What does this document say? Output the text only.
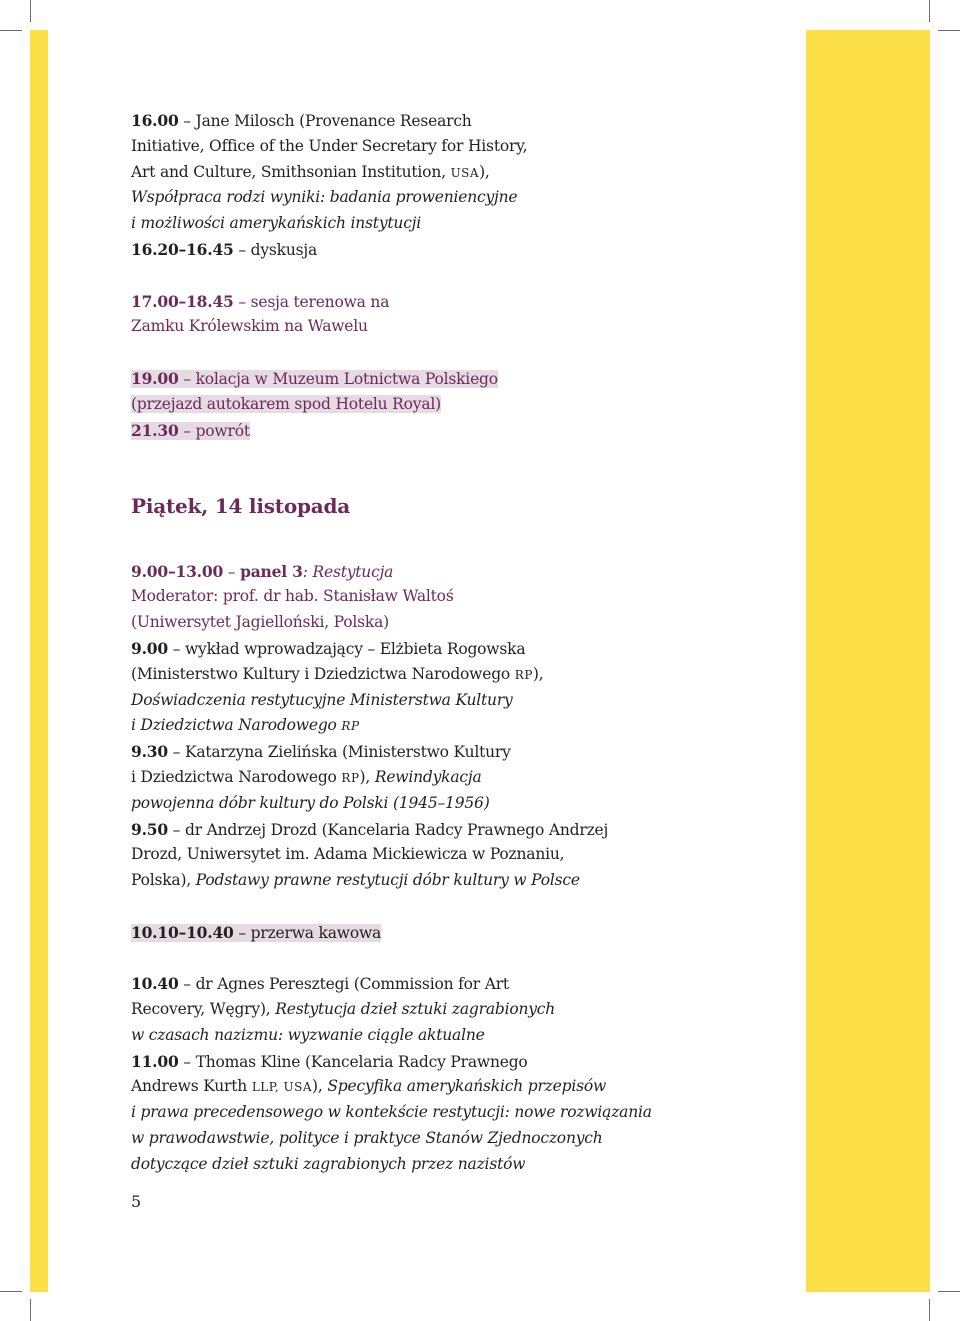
16.00 – Jane Milosch (Provenance Research
Initiative, Office of the Under Secretary for History,
Art and Culture, Smithsonian Institution, USA),
Współpraca rodzi wyniki: badania proweniencyjne
i możliwości amerykańskich instytucji
16.20–16.45 – dyskusja
17.00–18.45 – sesja terenowa na
Zamku Królewskim na Wawelu
19.00 – kolacja w Muzeum Lotnictwa Polskiego
(przejazd autokarem spod Hotelu Royal)
21.30 – powrót
Piątek, 14 listopada
9.00–13.00 – panel 3: Restytucja
Moderator: prof. dr hab. Stanisław Waltoś
(Uniwersytet Jagielloński, Polska)
9.00 – wykład wprowadzający – Elżbieta Rogowska
(Ministerstwo Kultury i Dziedzictwa Narodowego RP),
Doświadczenia restytucyjne Ministerstwa Kultury
i Dziedzictwa Narodowego RP
9.30 – Katarzyna Zielińska (Ministerstwo Kultury
i Dziedzictwa Narodowego RP), Rewindykacja
powojenna dóbr kultury do Polski (1945–1956)
9.50 – dr Andrzej Drozd (Kancelaria Radcy Prawnego Andrzej
Drozd, Uniwersytet im. Adama Mickiewicza w Poznaniu,
Polska), Podstawy prawne restytucji dóbr kultury w Polsce
10.10–10.40 – przerwa kawowa
10.40 – dr Agnes Peresztegi (Commission for Art
Recovery, Węgry), Restytucja dzieł sztuki zagrabionych
w czasach nazizmu: wyzwanie ciągle aktualne
11.00 – Thomas Kline (Kancelaria Radcy Prawnego
Andrews Kurth LLP, USA), Specyfika amerykańskich przepisów
i prawa precedensowego w kontekście restytucji: nowe rozwiązania
w prawodawstwie, polityce i praktyce Stanów Zjednoczonych
dotyczące dzieł sztuki zagrabionych przez nazistów
5
